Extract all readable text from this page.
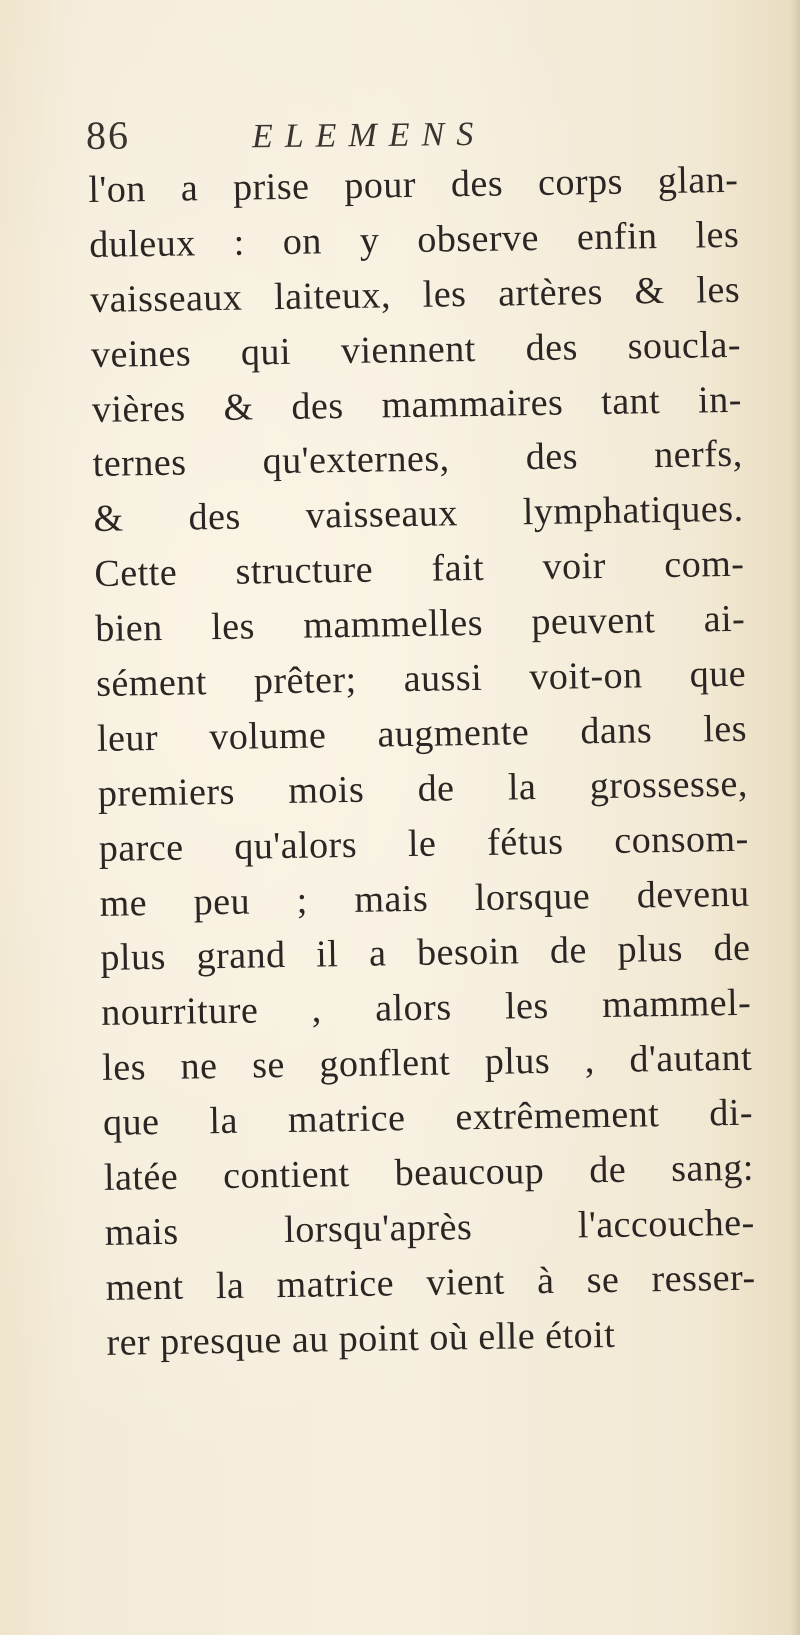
86	ELEMENS
l'on a prise pour des corps glan-
duleux : on y observe enfin les
vaisseaux laiteux, les artères & les
veines qui viennent des soucla-
vières & des mammaires tant in-
ternes qu'externes, des nerfs,
& des vaisseaux lymphatiques.
Cette structure fait voir com-
bien les mammelles peuvent ai-
sément prêter; aussi voit-on que
leur volume augmente dans les
premiers mois de la grossesse,
parce qu'alors le fétus consom-
me peu ; mais lorsque devenu
plus grand il a besoin de plus de
nourriture , alors les mammel-
les ne se gonflent plus , d'autant
que la matrice extrêmement di-
latée contient beaucoup de sang:
mais lorsqu'après l'accouche-
ment la matrice vient à se resser-
rer presque au point où elle étoit
